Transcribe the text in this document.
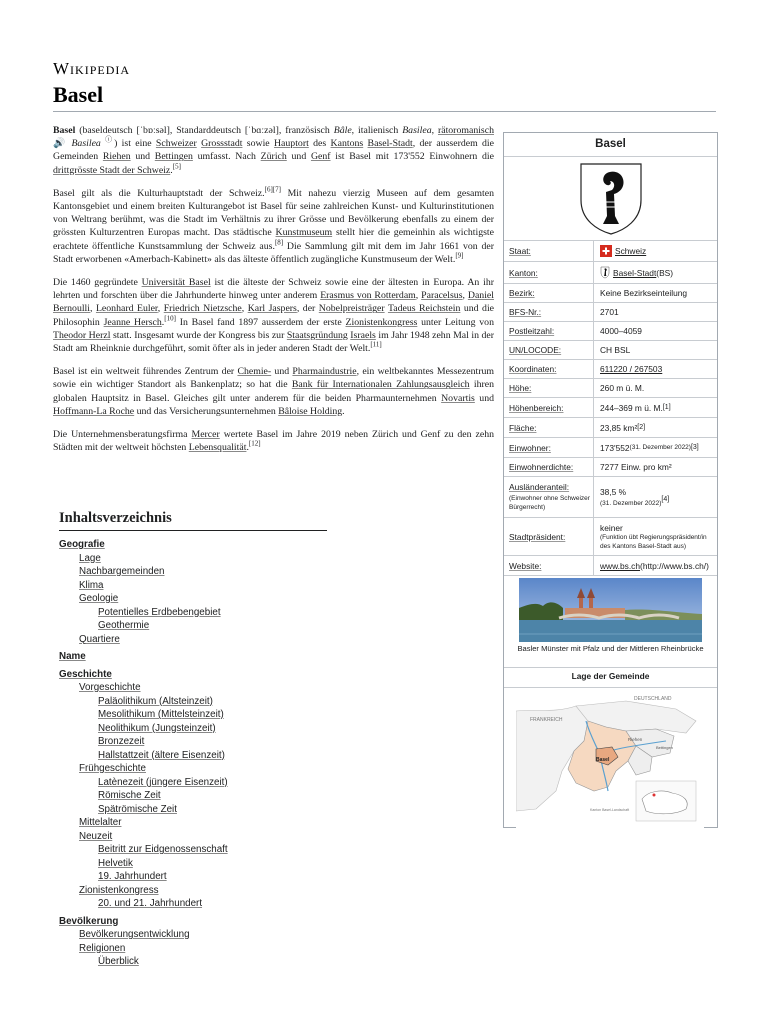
Wikipedia
Basel

Basel (baseldeutsch [ˈbɒːsəl], Standarddeutsch [ˈbɑːzəl], französisch Bâle, italienisch Basilea, rätoromanisch 🔊 Basilea ⓘ) ist eine Schweizer Grossstadt sowie Hauptort des Kantons Basel-Stadt, der ausserdem die Gemeinden Riehen und Bettingen umfasst. Nach Zürich und Genf ist Basel mit 173'552 Einwohnern die drittgrösste Stadt der Schweiz.[5]

Basel gilt als die Kulturhauptstadt der Schweiz.[6][7] Mit nahezu vierzig Museen auf dem gesamten Kantonsgebiet und einem breiten Kulturangebot ist Basel für seine zahlreichen Kunst- und Kulturinstitutionen von Weltrang berühmt, was die Stadt im Verhältnis zu ihrer Grösse und Bevölkerung ebenfalls zu einem der grössten Kulturzentren Europas macht. Das städtische Kunstmuseum stellt hier die gemeinhin als wichtigste erachtete öffentliche Kunstsammlung der Schweiz aus.[8] Die Sammlung gilt mit dem im Jahr 1661 von der Stadt erworbenen «Amerbach-Kabinett» als das älteste öffentlich zugängliche Kunstmuseum der Welt.[9]

Die 1460 gegründete Universität Basel ist die älteste der Schweiz sowie eine der ältesten in Europa. An ihr lehrten und forschten über die Jahrhunderte hinweg unter anderem Erasmus von Rotterdam, Paracelsus, Daniel Bernoulli, Leonhard Euler, Friedrich Nietzsche, Karl Jaspers, der Nobelpreisträger Tadeus Reichstein und die Philosophin Jeanne Hersch.[10] In Basel fand 1897 ausserdem der erste Zionistenkongress unter Leitung von Theodor Herzl statt. Insgesamt wurde der Kongress bis zur Staatsgründung Israels im Jahr 1948 zehn Mal in der Stadt am Rheinknie durchgeführt, somit öfter als in jeder anderen Stadt der Welt.[11]

Basel ist ein weltweit führendes Zentrum der Chemie- und Pharmaindustrie, ein weltbekanntes Messezentrum sowie ein wichtiger Standort als Bankenplatz; so hat die Bank für Internationalen Zahlungsausgleich ihren globalen Hauptsitz in Basel. Gleiches gilt unter anderem für die beiden Pharmaunternehmen Novartis und Hoffmann-La Roche und das Versicherungsunternehmen Bâloise Holding.

Die Unternehmensberatungsfirma Mercer wertete Basel im Jahre 2019 neben Zürich und Genf zu den zehn Städten mit der weltweit höchsten Lebensqualität.[12]

Inhaltsverzeichnis
Geografie
Lage
Nachbargemeinden
Klima
Geologie
Potentielles Erdbebengebiet
Geothermie
Quartiere
Name
Geschichte
Vorgeschichte
Paläolithikum (Altsteinzeit)
Mesolithikum (Mittelsteinzeit)
Neolithikum (Jungsteinzeit)
Bronzezeit
Hallstattzeit (ältere Eisenzeit)
Frühgeschichte
Latènezeit (jüngere Eisenzeit)
Römische Zeit
Spätrömische Zeit
Mittelalter
Neuzeit
Beitritt zur Eidgenossenschaft
Helvetik
19. Jahrhundert
Zionistenkongress
20. und 21. Jahrhundert
Bevölkerung
Bevölkerungsentwicklung
Religionen
Überblick
Basel
Staat:	Schweiz
Kanton:	Basel-Stadt (BS)
Bezirk:	Keine Bezirkseinteilung
BFS-Nr.:	2701
Postleitzahl:	4000–4059
UN/LOCODE:	CH BSL
Koordinaten:	611220 / 267503
Höhe:	260 m ü. M.
Höhenbereich:	244–369 m ü. M. [1]
Fläche:	23,85 km² [2]
Einwohner:	173'552 (31. Dezember 2022) [3]
Einwohnerdichte:	7277 Einw. pro km²
Ausländeranteil:
(Einwohner ohne Schweizer Bürgerrecht)
38,5 %
(31. Dezember 2022)[4]
Stadtpräsident:
keiner
(Funktion übt Regierungspräsident/in des Kantons Basel-Stadt aus)
Website:	www.bs.ch (http://www.bs.ch/)
Basler Münster mit Pfalz und der Mittleren Rheinbrücke
Lage der Gemeinde
DEUTSCHLAND
FRANKREICH
Basel
Riehen
Bettingen
Kanton Basel-Landschaft
